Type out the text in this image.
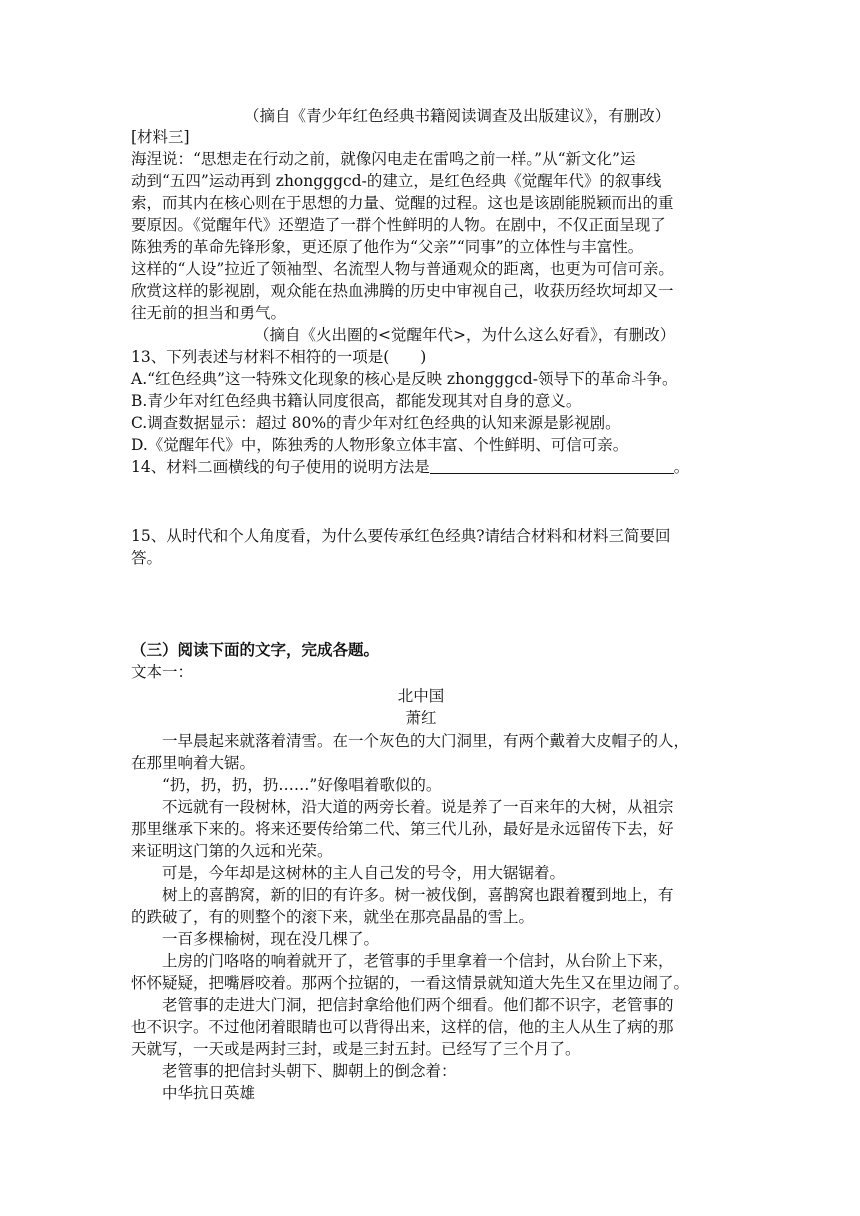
（摘自《青少年红色经典书籍阅读调查及出版建议》，有删改）
[材料三]
海涅说：“思想走在行动之前，就像闪电走在雷鸣之前一样。”从“新文化”运
动到“五四”运动再到 zhongggcd-的建立，是红色经典《觉醒年代》的叙事线
索，而其内在核心则在于思想的力量、觉醒的过程。这也是该剧能脱颖而出的重
要原因。《觉醒年代》还塑造了一群个性鲜明的人物。在剧中，不仅正面呈现了
陈独秀的革命先锋形象，更还原了他作为“父亲”“同事”的立体性与丰富性。
这样的“人设”拉近了领袖型、名流型人物与普通观众的距离，也更为可信可亲。
欣赏这样的影视剧，观众能在热血沸腾的历史中审视自己，收获历经坎坷却又一
往无前的担当和勇气。
（摘自《火出圈的<觉醒年代>，为什么这么好看》，有删改）
13、下列表述与材料不相符的一项是(　　)
A.“红色经典”这一特殊文化现象的核心是反映 zhongggcd-领导下的革命斗争。
B.青少年对红色经典书籍认同度很高，都能发现其对自身的意义。
C.调查数据显示：超过 80%的青少年对红色经典的认知来源是影视剧。
D.《觉醒年代》中，陈独秀的人物形象立体丰富、个性鲜明、可信可亲。
14、材料二画横线的句子使用的说明方法是	。
15、从时代和个人角度看，为什么要传承红色经典?请结合材料和材料三简要回
答。
（三）阅读下面的文字，完成各题。
文本一：
北中国
萧红
一早晨起来就落着清雪。在一个灰色的大门洞里，有两个戴着大皮帽子的人，
在那里响着大锯。
“扔，扔，扔，扔……”好像唱着歌似的。
不远就有一段树林，沿大道的两旁长着。说是养了一百来年的大树，从祖宗
那里继承下来的。将来还要传给第二代、第三代儿孙，最好是永远留传下去，好
来证明这门第的久远和光荣。
可是，今年却是这树林的主人自己发的号令，用大锯锯着。
树上的喜鹊窝，新的旧的有许多。树一被伐倒，喜鹊窝也跟着覆到地上，有
的跌破了，有的则整个的滚下来，就坐在那亮晶晶的雪上。
一百多棵榆树，现在没几棵了。
上房的门咯咯的响着就开了，老管事的手里拿着一个信封，从台阶上下来，
怀怀疑疑，把嘴唇咬着。那两个拉锯的，一看这情景就知道大先生又在里边闹了。
老管事的走进大门洞，把信封拿给他们两个细看。他们都不识字，老管事的
也不识字。不过他闭着眼睛也可以背得出来，这样的信，他的主人从生了病的那
天就写，一天或是两封三封，或是三封五封。已经写了三个月了。
老管事的把信封头朝下、脚朝上的倒念着：
中华抗日英雄
